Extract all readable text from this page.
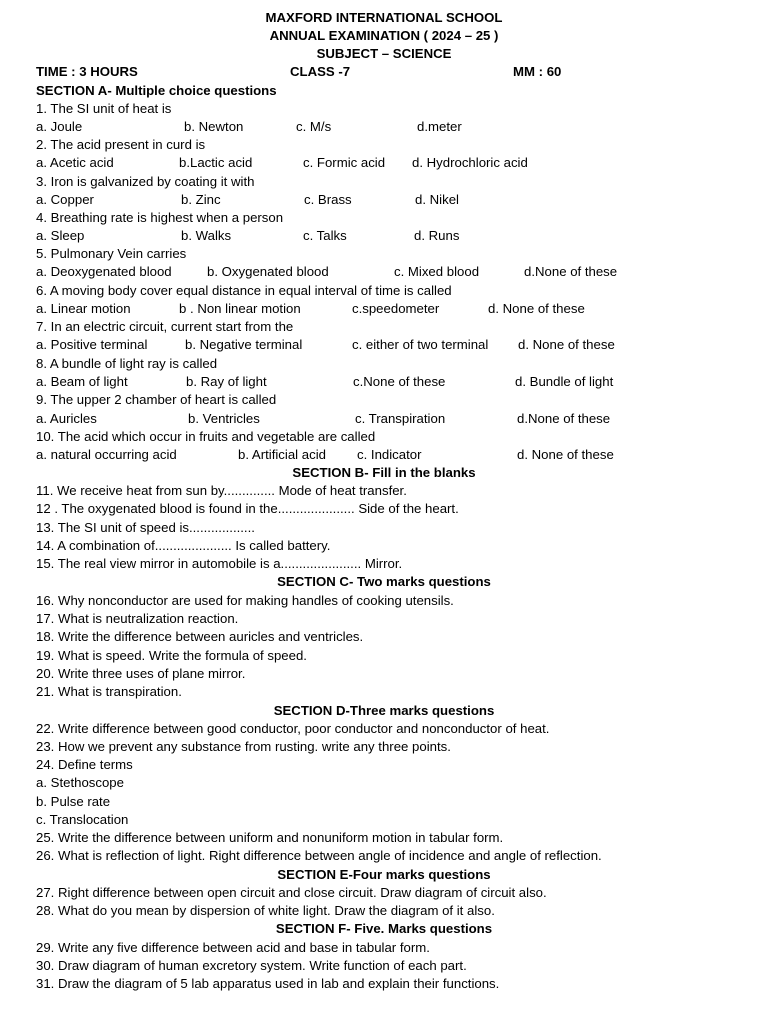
MAXFORD INTERNATIONAL SCHOOL
ANNUAL EXAMINATION ( 2024 – 25 )
SUBJECT – SCIENCE
TIME : 3 HOURS	CLASS -7	MM : 60
SECTION A- Multiple choice questions
1. The SI unit of heat is
a. Joule	b. Newton	c. M/s	d.meter
2. The acid present in curd is
a. Acetic acid	b.Lactic acid	c. Formic acid d. Hydrochloric acid
3. Iron is galvanized by coating it with
a. Copper	b. Zinc	c. Brass	d. Nikel
4. Breathing rate is highest when a person
a. Sleep	b. Walks	c. Talks	d. Runs
5. Pulmonary Vein carries
a. Deoxygenated blood	b. Oxygenated blood	c. Mixed blood	d.None of these
6. A moving body cover equal distance in equal interval of time is called
a. Linear motion	b . Non linear motion	c.speedometer	d. None of these
7. In an electric circuit, current start from the
a. Positive terminal	b. Negative terminal	c. either of two terminal d. None of these
8. A bundle of light ray is called
a. Beam of light	b. Ray of light	c.None of these	d. Bundle of light
9. The upper 2 chamber of heart is called
a. Auricles	b. Ventricles	c. Transpiration	d.None of these
10. The acid which occur in fruits and vegetable are called
a. natural occurring acid	b. Artificial acid c. Indicator	d. None of these
SECTION B- Fill in the blanks
11. We receive heat from sun by.............. Mode of heat transfer.
12 . The oxygenated blood is found in the..................... Side of the heart.
13. The SI unit of speed is..................
14. A combination of..................... Is called battery.
15. The real view mirror in automobile is a...................... Mirror.
SECTION C- Two marks questions
16. Why nonconductor are used for making handles of cooking utensils.
17. What is neutralization reaction.
18. Write the difference between auricles and ventricles.
19. What is speed. Write the formula of speed.
20. Write three uses of plane mirror.
21. What is transpiration.
SECTION D-Three marks questions
22. Write difference between good conductor, poor conductor and nonconductor of heat.
23. How we prevent any substance from rusting. write any three points.
24. Define terms
a. Stethoscope
b. Pulse rate
c. Translocation
25. Write the difference between uniform and nonuniform motion in tabular form.
26. What is reflection of light. Right difference between angle of incidence and angle of reflection.
SECTION E-Four marks questions
27. Right difference between open circuit and close circuit. Draw diagram of circuit also.
28. What do you mean by dispersion of white light. Draw the diagram of it also.
SECTION F- Five. Marks questions
29. Write any five difference between acid and base in tabular form.
30. Draw diagram of human excretory system. Write function of each part.
31. Draw the diagram of 5 lab apparatus used in lab and explain their functions.
